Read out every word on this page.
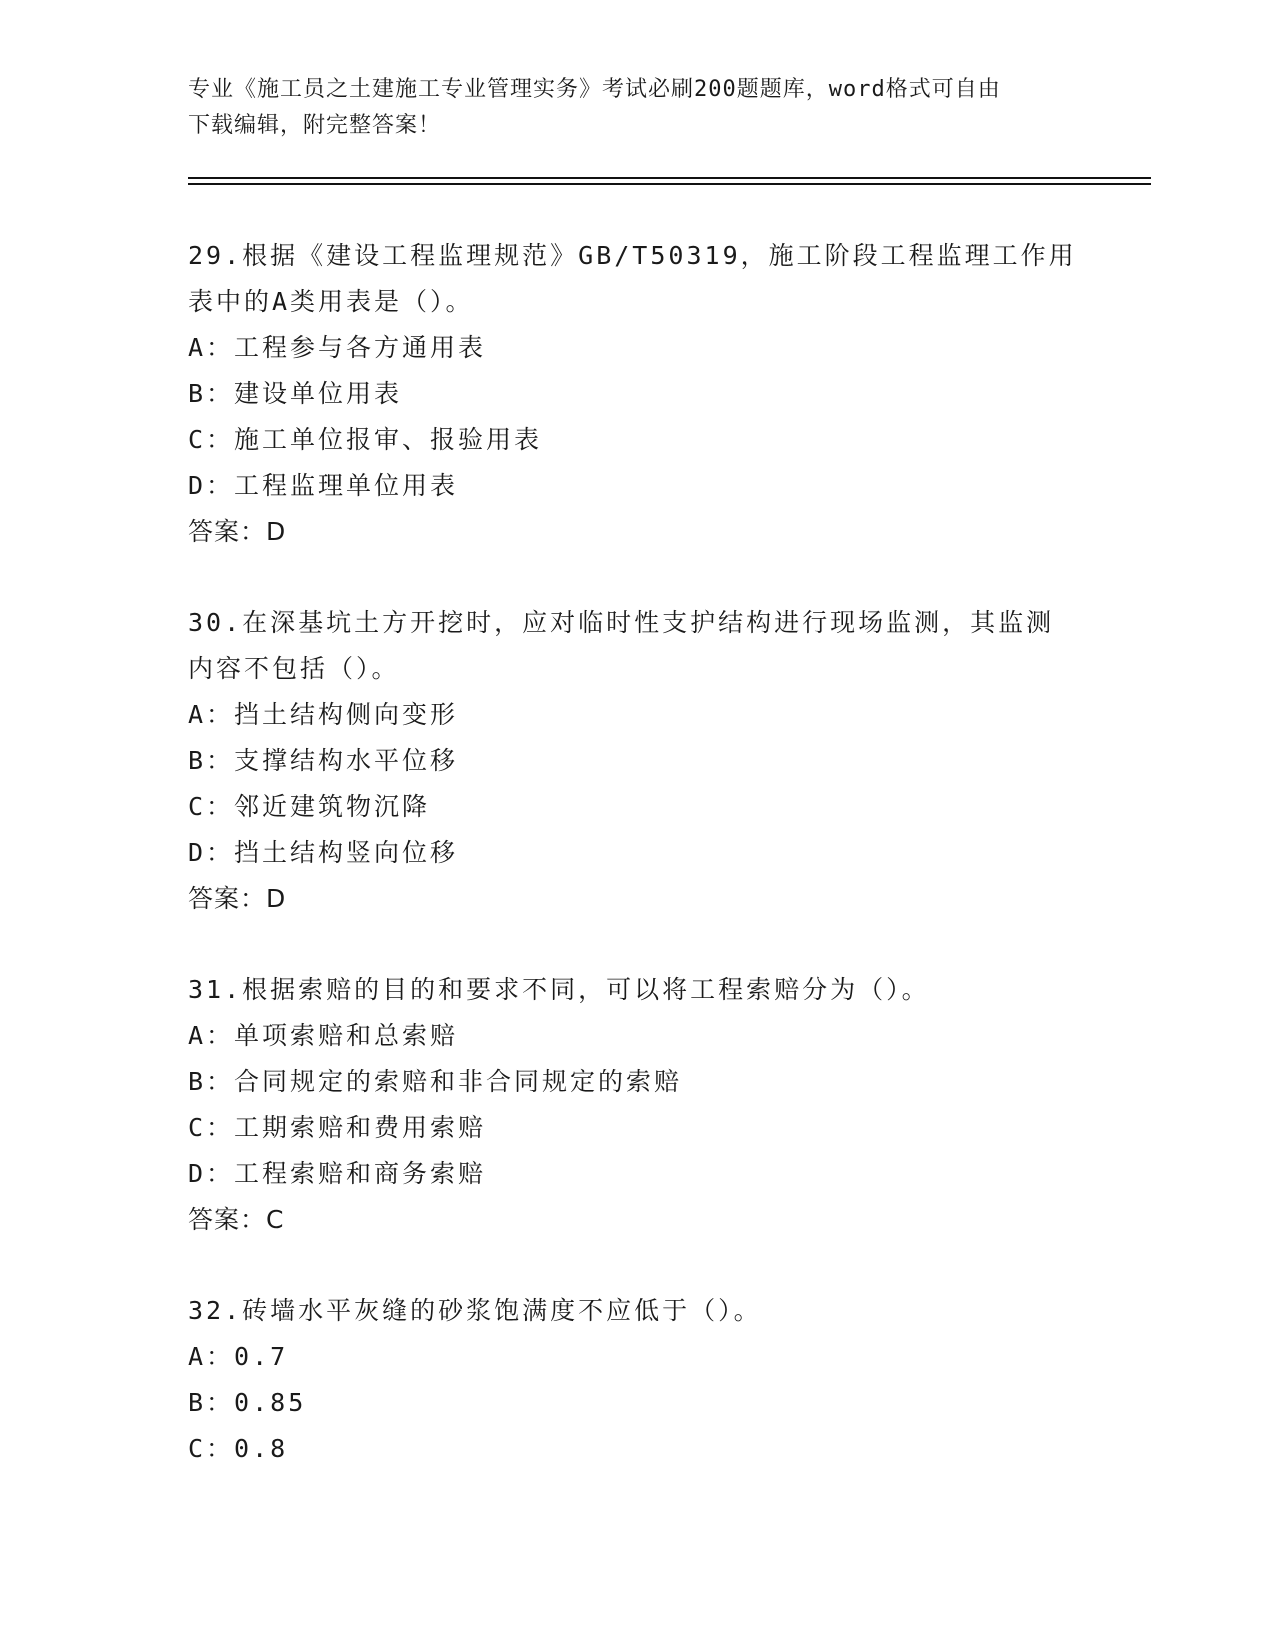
专业《施工员之土建施工专业管理实务》考试必刷200题题库，word格式可自由
下载编辑，附完整答案！
29.根据《建设工程监理规范》GB/T50319，施工阶段工程监理工作用
表中的A类用表是（）。
A：工程参与各方通用表
B：建设单位用表
C：施工单位报审、报验用表
D：工程监理单位用表
答案：D
30.在深基坑土方开挖时，应对临时性支护结构进行现场监测，其监测
内容不包括（）。
A：挡土结构侧向变形
B：支撑结构水平位移
C：邻近建筑物沉降
D：挡土结构竖向位移
答案：D
31.根据索赔的目的和要求不同，可以将工程索赔分为（）。
A：单项索赔和总索赔
B：合同规定的索赔和非合同规定的索赔
C：工期索赔和费用索赔
D：工程索赔和商务索赔
答案：C
32.砖墙水平灰缝的砂浆饱满度不应低于（）。
A：0.7
B：0.85
C：0.8
